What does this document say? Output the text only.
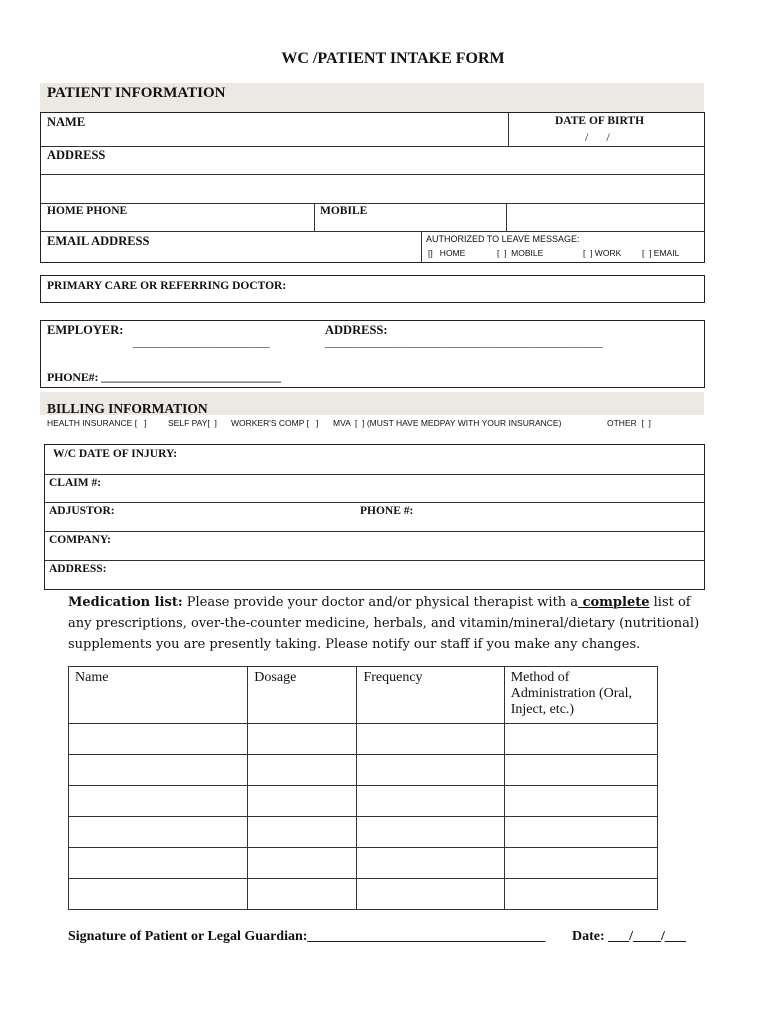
WC /PATIENT INTAKE FORM
PATIENT INFORMATION
NAME	DATE OF BIRTH
/      /
ADDRESS
HOME PHONE	MOBILE
EMAIL ADDRESS	AUTHORIZED TO LEAVE MESSAGE:
[]   HOME	[  ]  MOBILE	[  ] WORK [  ] EMAIL
PRIMARY CARE OR REFERRING DOCTOR:
EMPLOYER:
_______________________________
ADDRESS:
_______________________________________________________________
PHONE#: _______________________________
BILLING INFORMATION
HEALTH INSURANCE [   ]	SELF PAY[  ] WORKER'S COMP [   ] MVA  [  ] (MUST HAVE MEDPAY WITH YOUR INSURANCE)	OTHER  [  ]
W/C DATE OF INJURY:
CLAIM #:
ADJUSTOR:	PHONE #:
COMPANY:
ADDRESS:
Medication list: Please provide your doctor and/or physical therapist with a complete list of any prescriptions, over-the-counter medicine, herbals, and vitamin/mineral/dietary (nutritional) supplements you are presently taking. Please notify our staff if you make any changes.
Name	Dosage	Frequency	Method of Administration (Oral, Inject, etc.)

Signature of Patient or Legal Guardian:__________________________________ Date: ___/____/___
